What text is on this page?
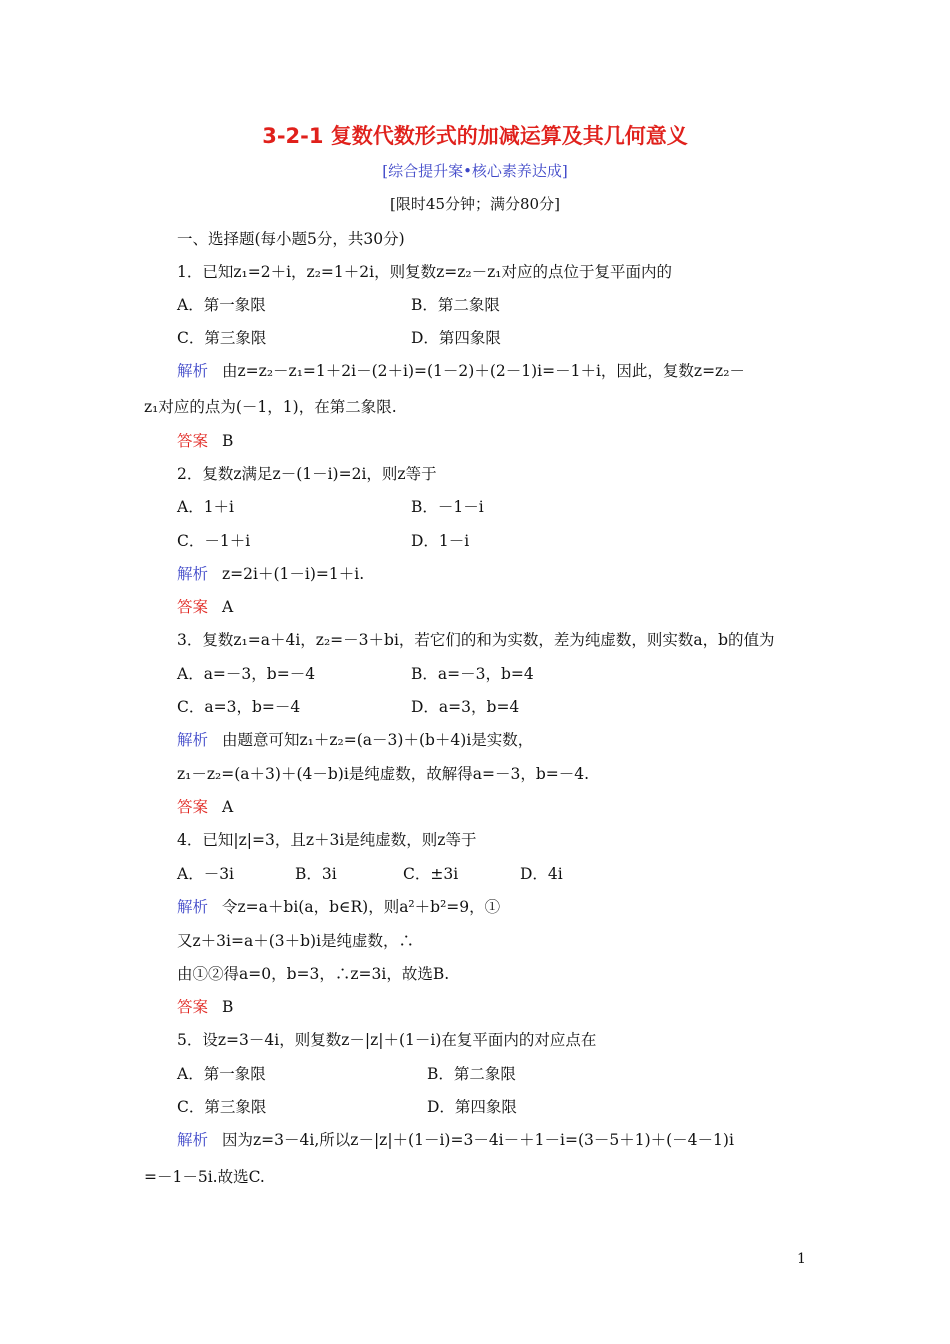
3-2-1 复数代数形式的加减运算及其几何意义
[综合提升案•核心素养达成]
[限时45分钟；满分80分]
一、选择题(每小题5分，共30分)
1．已知z₁=2＋i，z₂=1＋2i，则复数z=z₂－z₁对应的点位于复平面内的
A．第一象限	B．第二象限
C．第三象限	D．第四象限
解析 由z=z₂－z₁=1＋2i－(2＋i)=(1－2)＋(2－1)i=－1＋i，因此，复数z=z₂－
z₁对应的点为(－1，1)，在第二象限.
答案 B
2．复数z满足z－(1－i)=2i，则z等于
A．1＋i	B．－1－i
C．－1＋i	D．1－i
解析 z=2i＋(1－i)=1＋i.
答案 A
3．复数z₁=a＋4i，z₂=－3＋bi，若它们的和为实数，差为纯虚数，则实数a，b的值为
A．a=－3，b=－4	B．a=－3，b=4
C．a=3，b=－4	D．a=3，b=4
解析 由题意可知z₁＋z₂=(a－3)＋(b＋4)i是实数，
z₁－z₂=(a＋3)＋(4－b)i是纯虚数，故解得a=－3，b=－4.
答案 A
4．已知|z|=3，且z＋3i是纯虚数，则z等于
A．－3i	B．3i	C．±3i	D．4i
解析 令z=a＋bi(a，b∈R)，则a²＋b²=9，①
又z＋3i=a＋(3＋b)i是纯虚数，∴
由①②得a=0，b=3，∴z=3i，故选B.
答案 B
5．设z=3－4i，则复数z－|z|＋(1－i)在复平面内的对应点在
A．第一象限	B．第二象限
C．第三象限	D．第四象限
解析 因为z=3－4i,所以z－|z|＋(1－i)=3－4i－＋1－i=(3－5＋1)＋(－4－1)i
=－1－5i.故选C.
1
